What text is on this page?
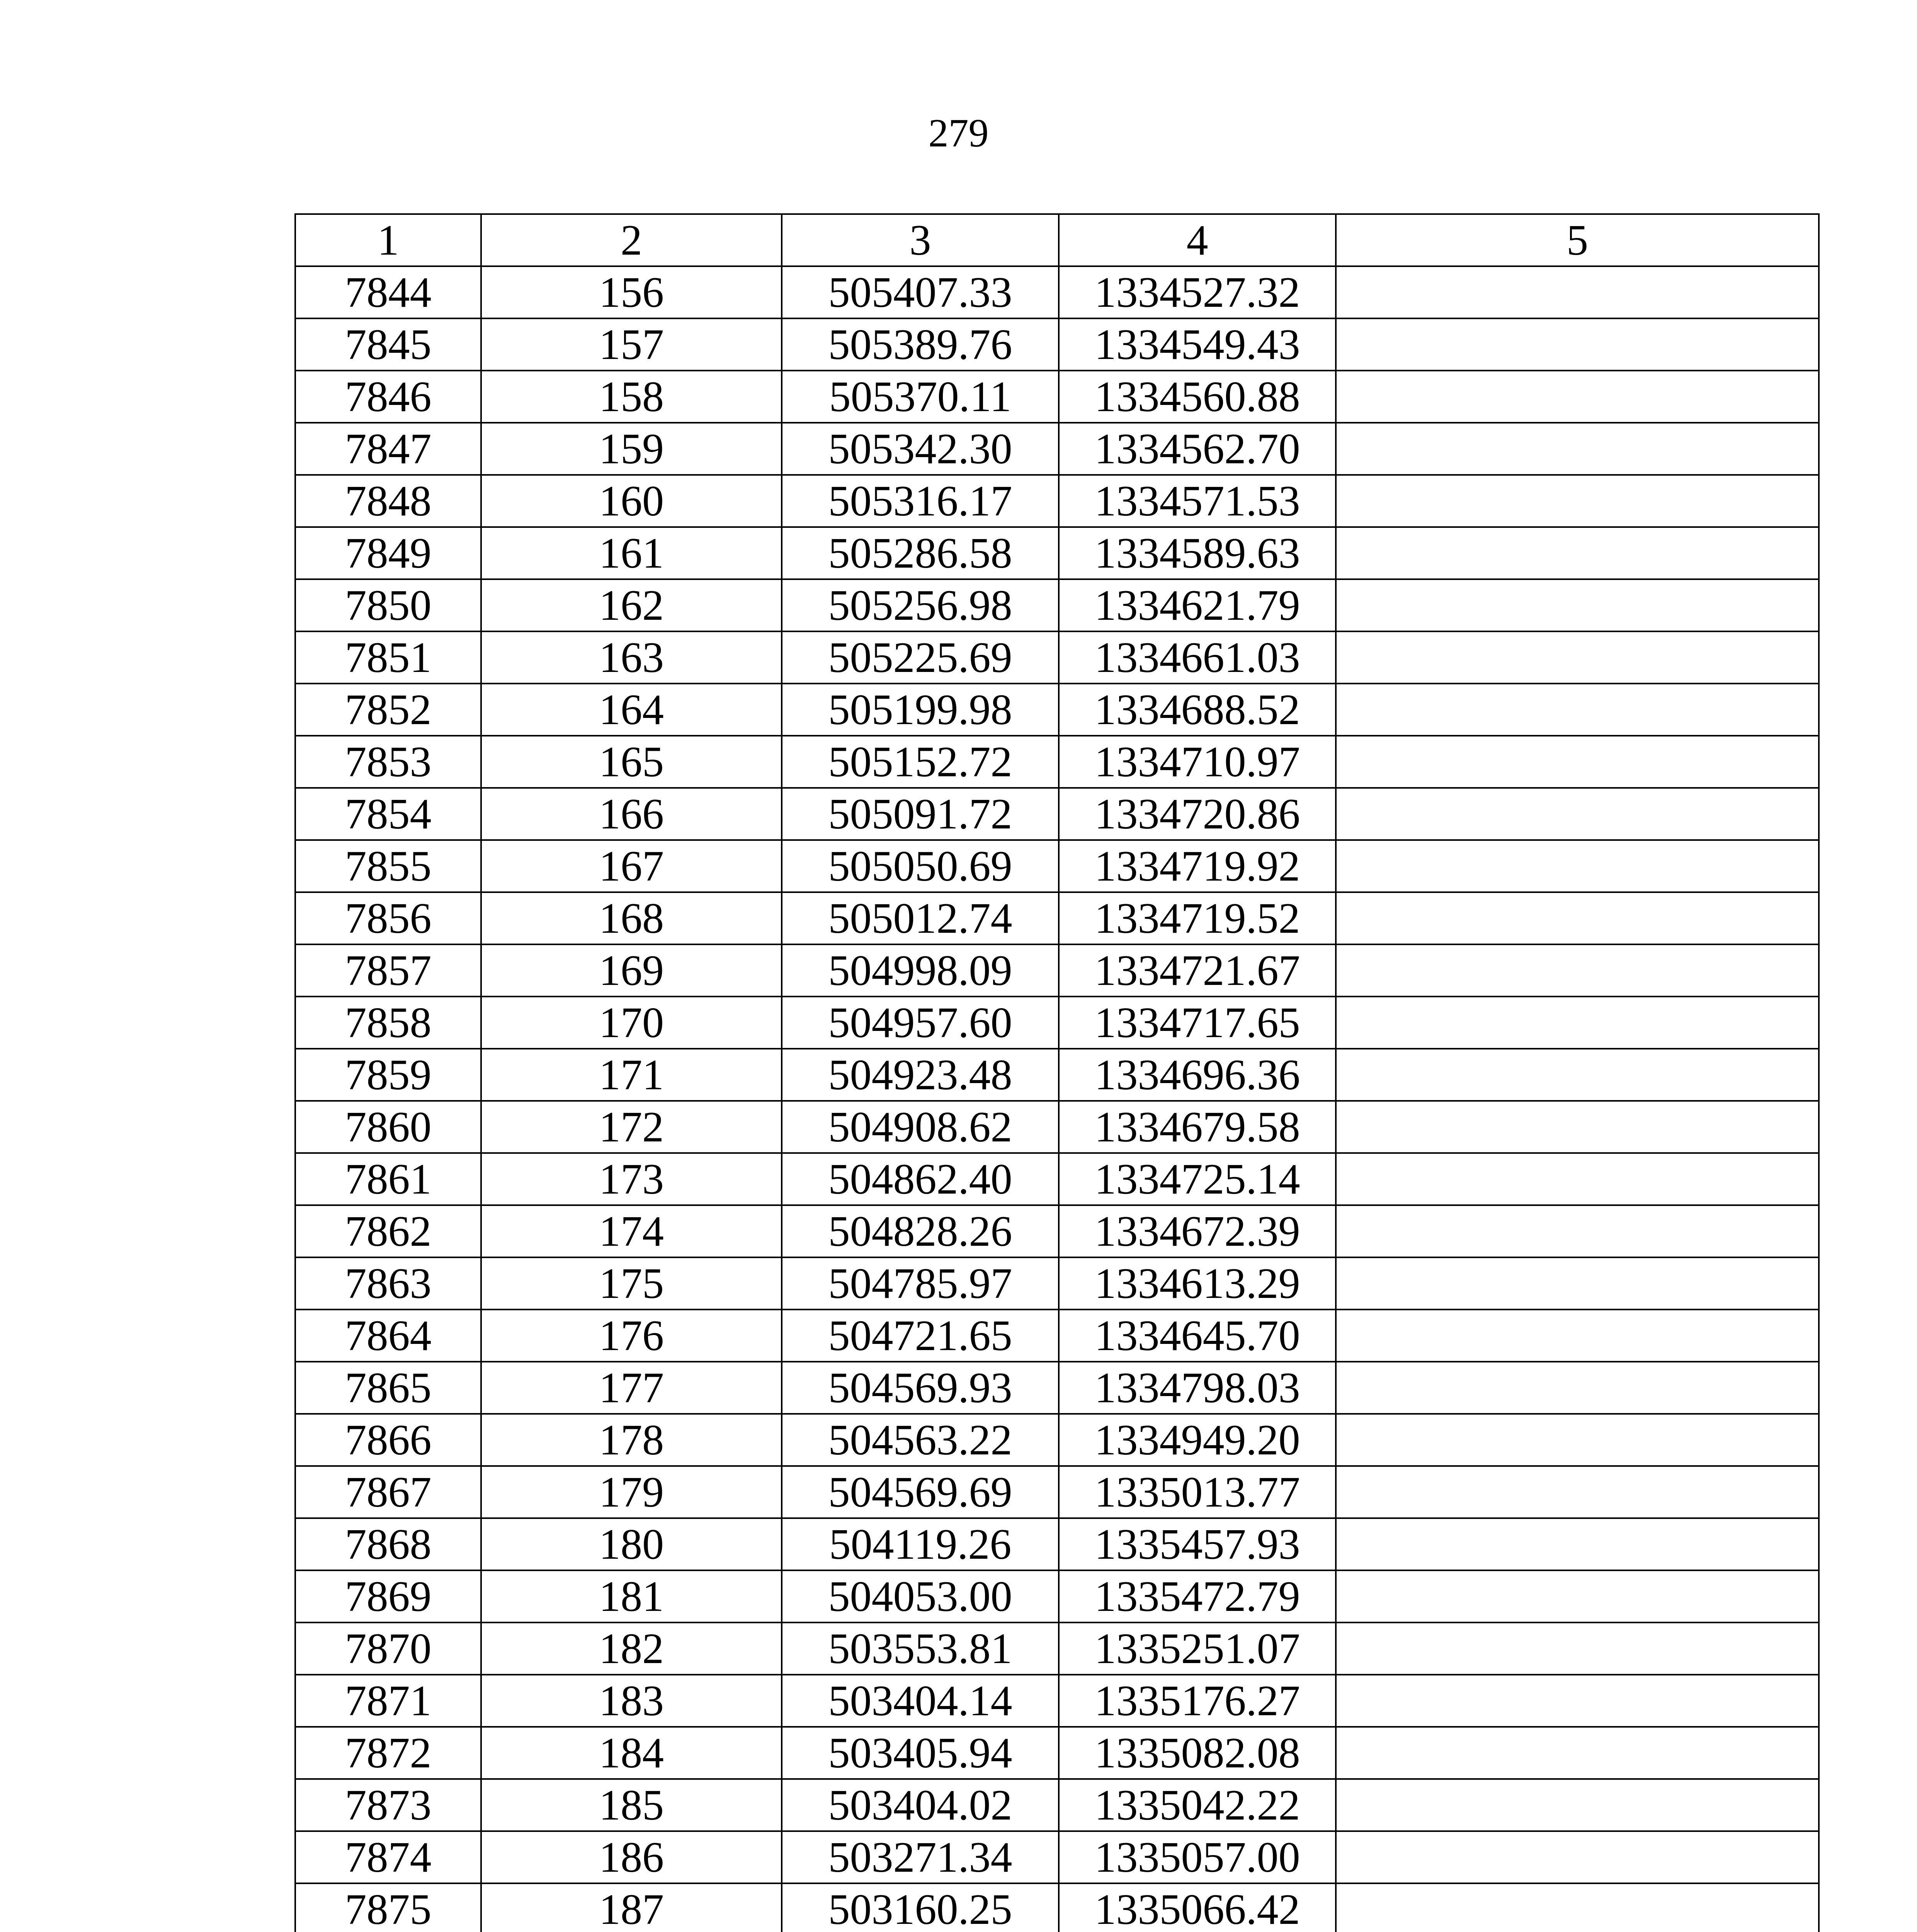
279
1	2	3	4	5
7844	156	505407.33	1334527.32	
7845	157	505389.76	1334549.43	
7846	158	505370.11	1334560.88	
7847	159	505342.30	1334562.70	
7848	160	505316.17	1334571.53	
7849	161	505286.58	1334589.63	
7850	162	505256.98	1334621.79	
7851	163	505225.69	1334661.03	
7852	164	505199.98	1334688.52	
7853	165	505152.72	1334710.97	
7854	166	505091.72	1334720.86	
7855	167	505050.69	1334719.92	
7856	168	505012.74	1334719.52	
7857	169	504998.09	1334721.67	
7858	170	504957.60	1334717.65	
7859	171	504923.48	1334696.36	
7860	172	504908.62	1334679.58	
7861	173	504862.40	1334725.14	
7862	174	504828.26	1334672.39	
7863	175	504785.97	1334613.29	
7864	176	504721.65	1334645.70	
7865	177	504569.93	1334798.03	
7866	178	504563.22	1334949.20	
7867	179	504569.69	1335013.77	
7868	180	504119.26	1335457.93	
7869	181	504053.00	1335472.79	
7870	182	503553.81	1335251.07	
7871	183	503404.14	1335176.27	
7872	184	503405.94	1335082.08	
7873	185	503404.02	1335042.22	
7874	186	503271.34	1335057.00	
7875	187	503160.25	1335066.42	
